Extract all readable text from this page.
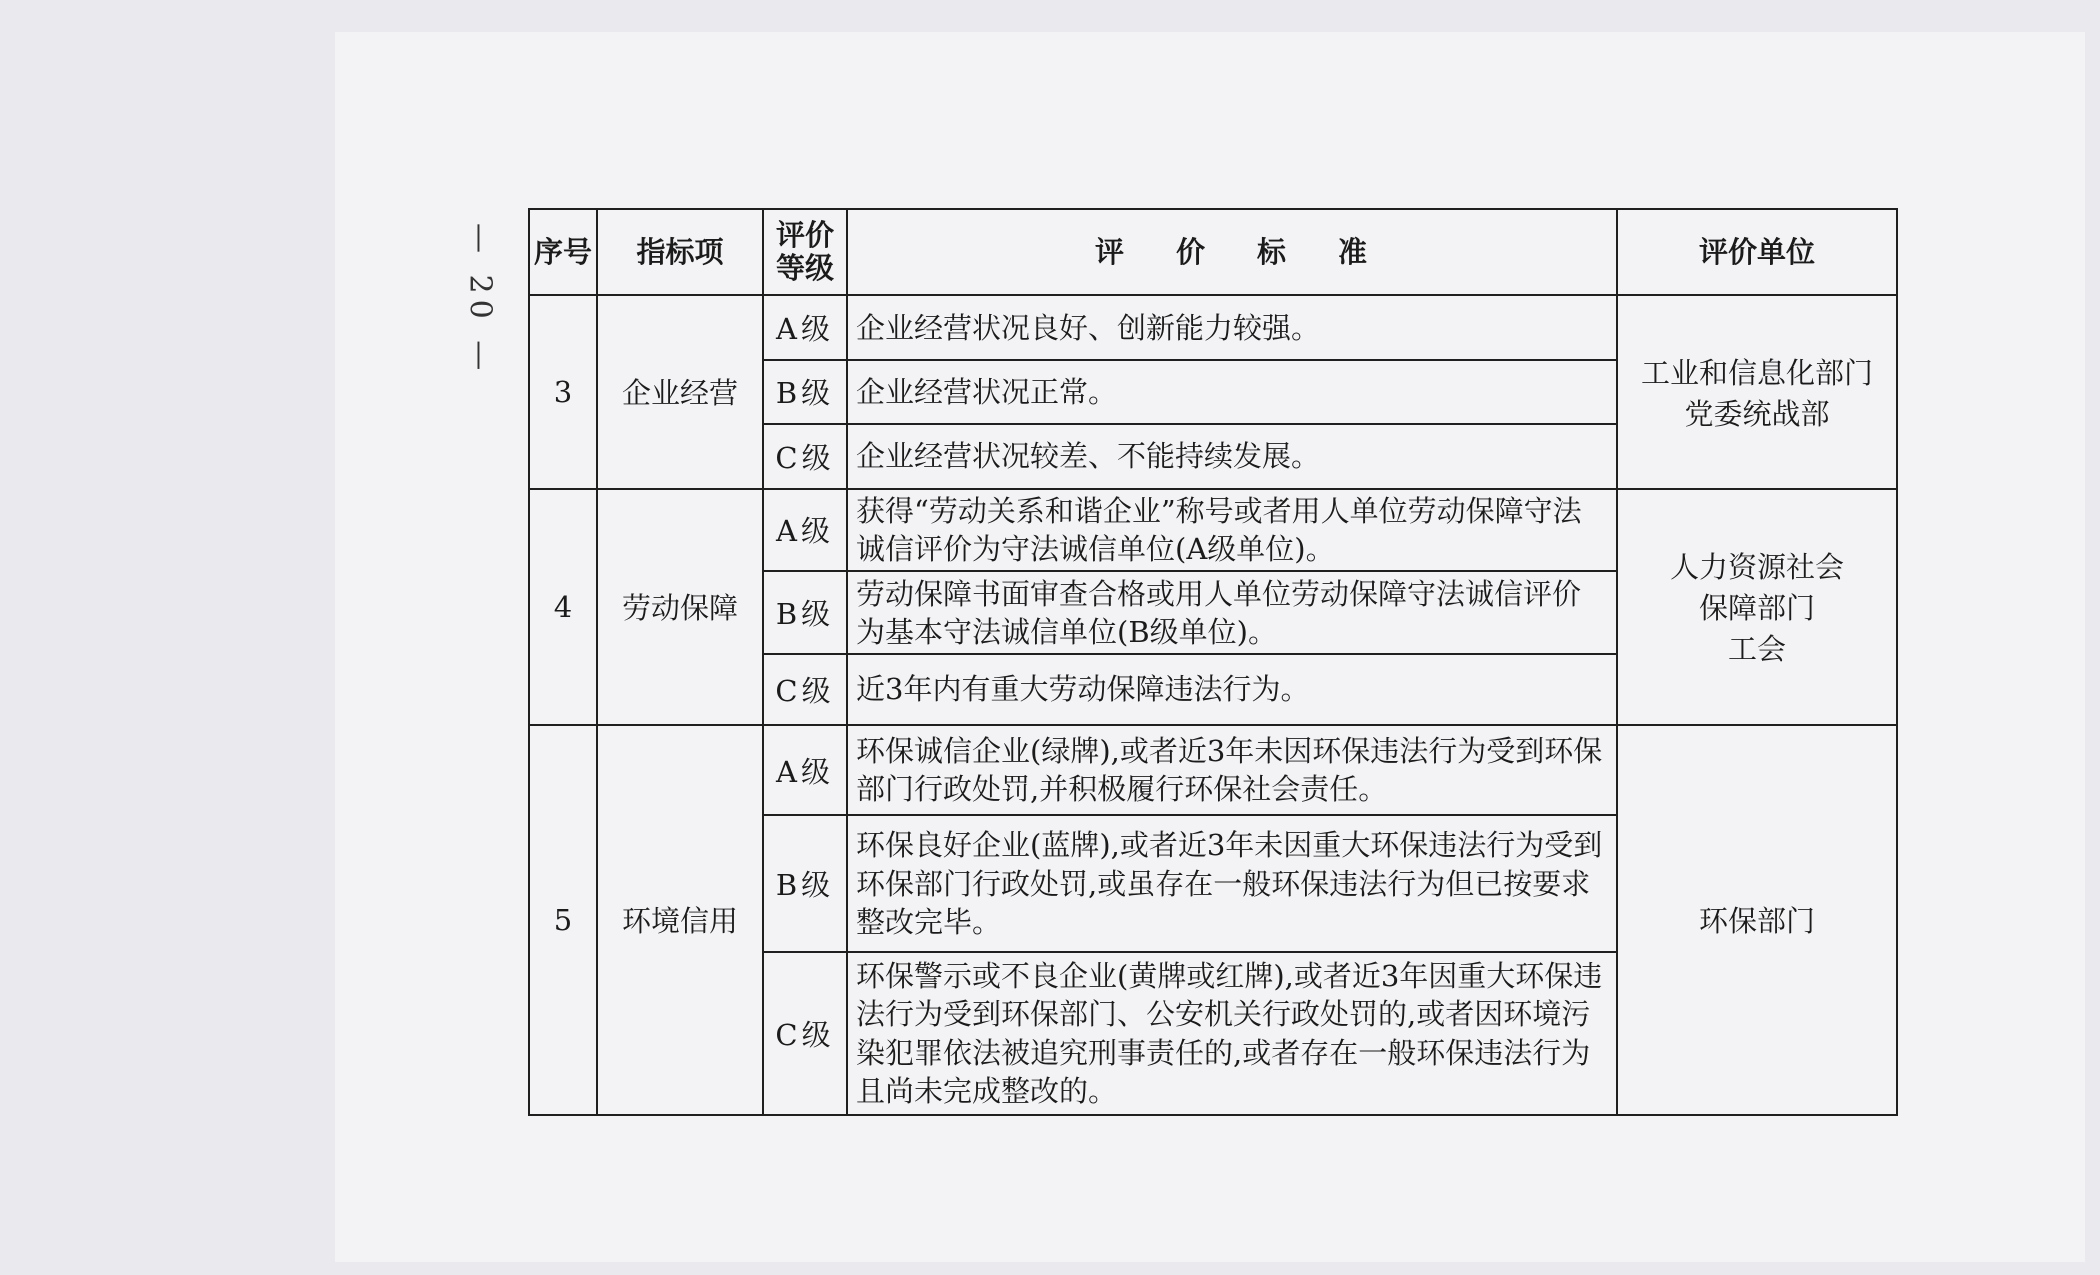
— 20 —	序号	指标项	评价等级	评价标准	评价单位
3	企业经营	A级	企业经营状况良好、创新能力较强。	工业和信息化部门
党委统战部

		B级	企业经营状况正常。	
		C级	企业经营状况较差、不能持续发展。	
4	劳动保障	A级	获得“劳动关系和谐企业”称号或者用人单位劳动保障守法诚信评价为守法诚信单位(A级单位)。	人力资源社会
保障部门
工会

		B级	劳动保障书面审查合格或用人单位劳动保障守法诚信评价为基本守法诚信单位(B级单位)。	
		C级	近3年内有重大劳动保障违法行为。	
5	环境信用	A级	环保诚信企业(绿牌),或者近3年未因环保违法行为受到环保部门行政处罚,并积极履行环保社会责任。	环保部门

		B级	环保良好企业(蓝牌),或者近3年未因重大环保违法行为受到环保部门行政处罚,或虽存在一般环保违法行为但已按要求整改完毕。	
		C级	环保警示或不良企业(黄牌或红牌),或者近3年因重大环保违法行为受到环保部门、公安机关行政处罚的,或者因环境污染犯罪依法被追究刑事责任的,或者存在一般环保违法行为且尚未完成整改的。	
